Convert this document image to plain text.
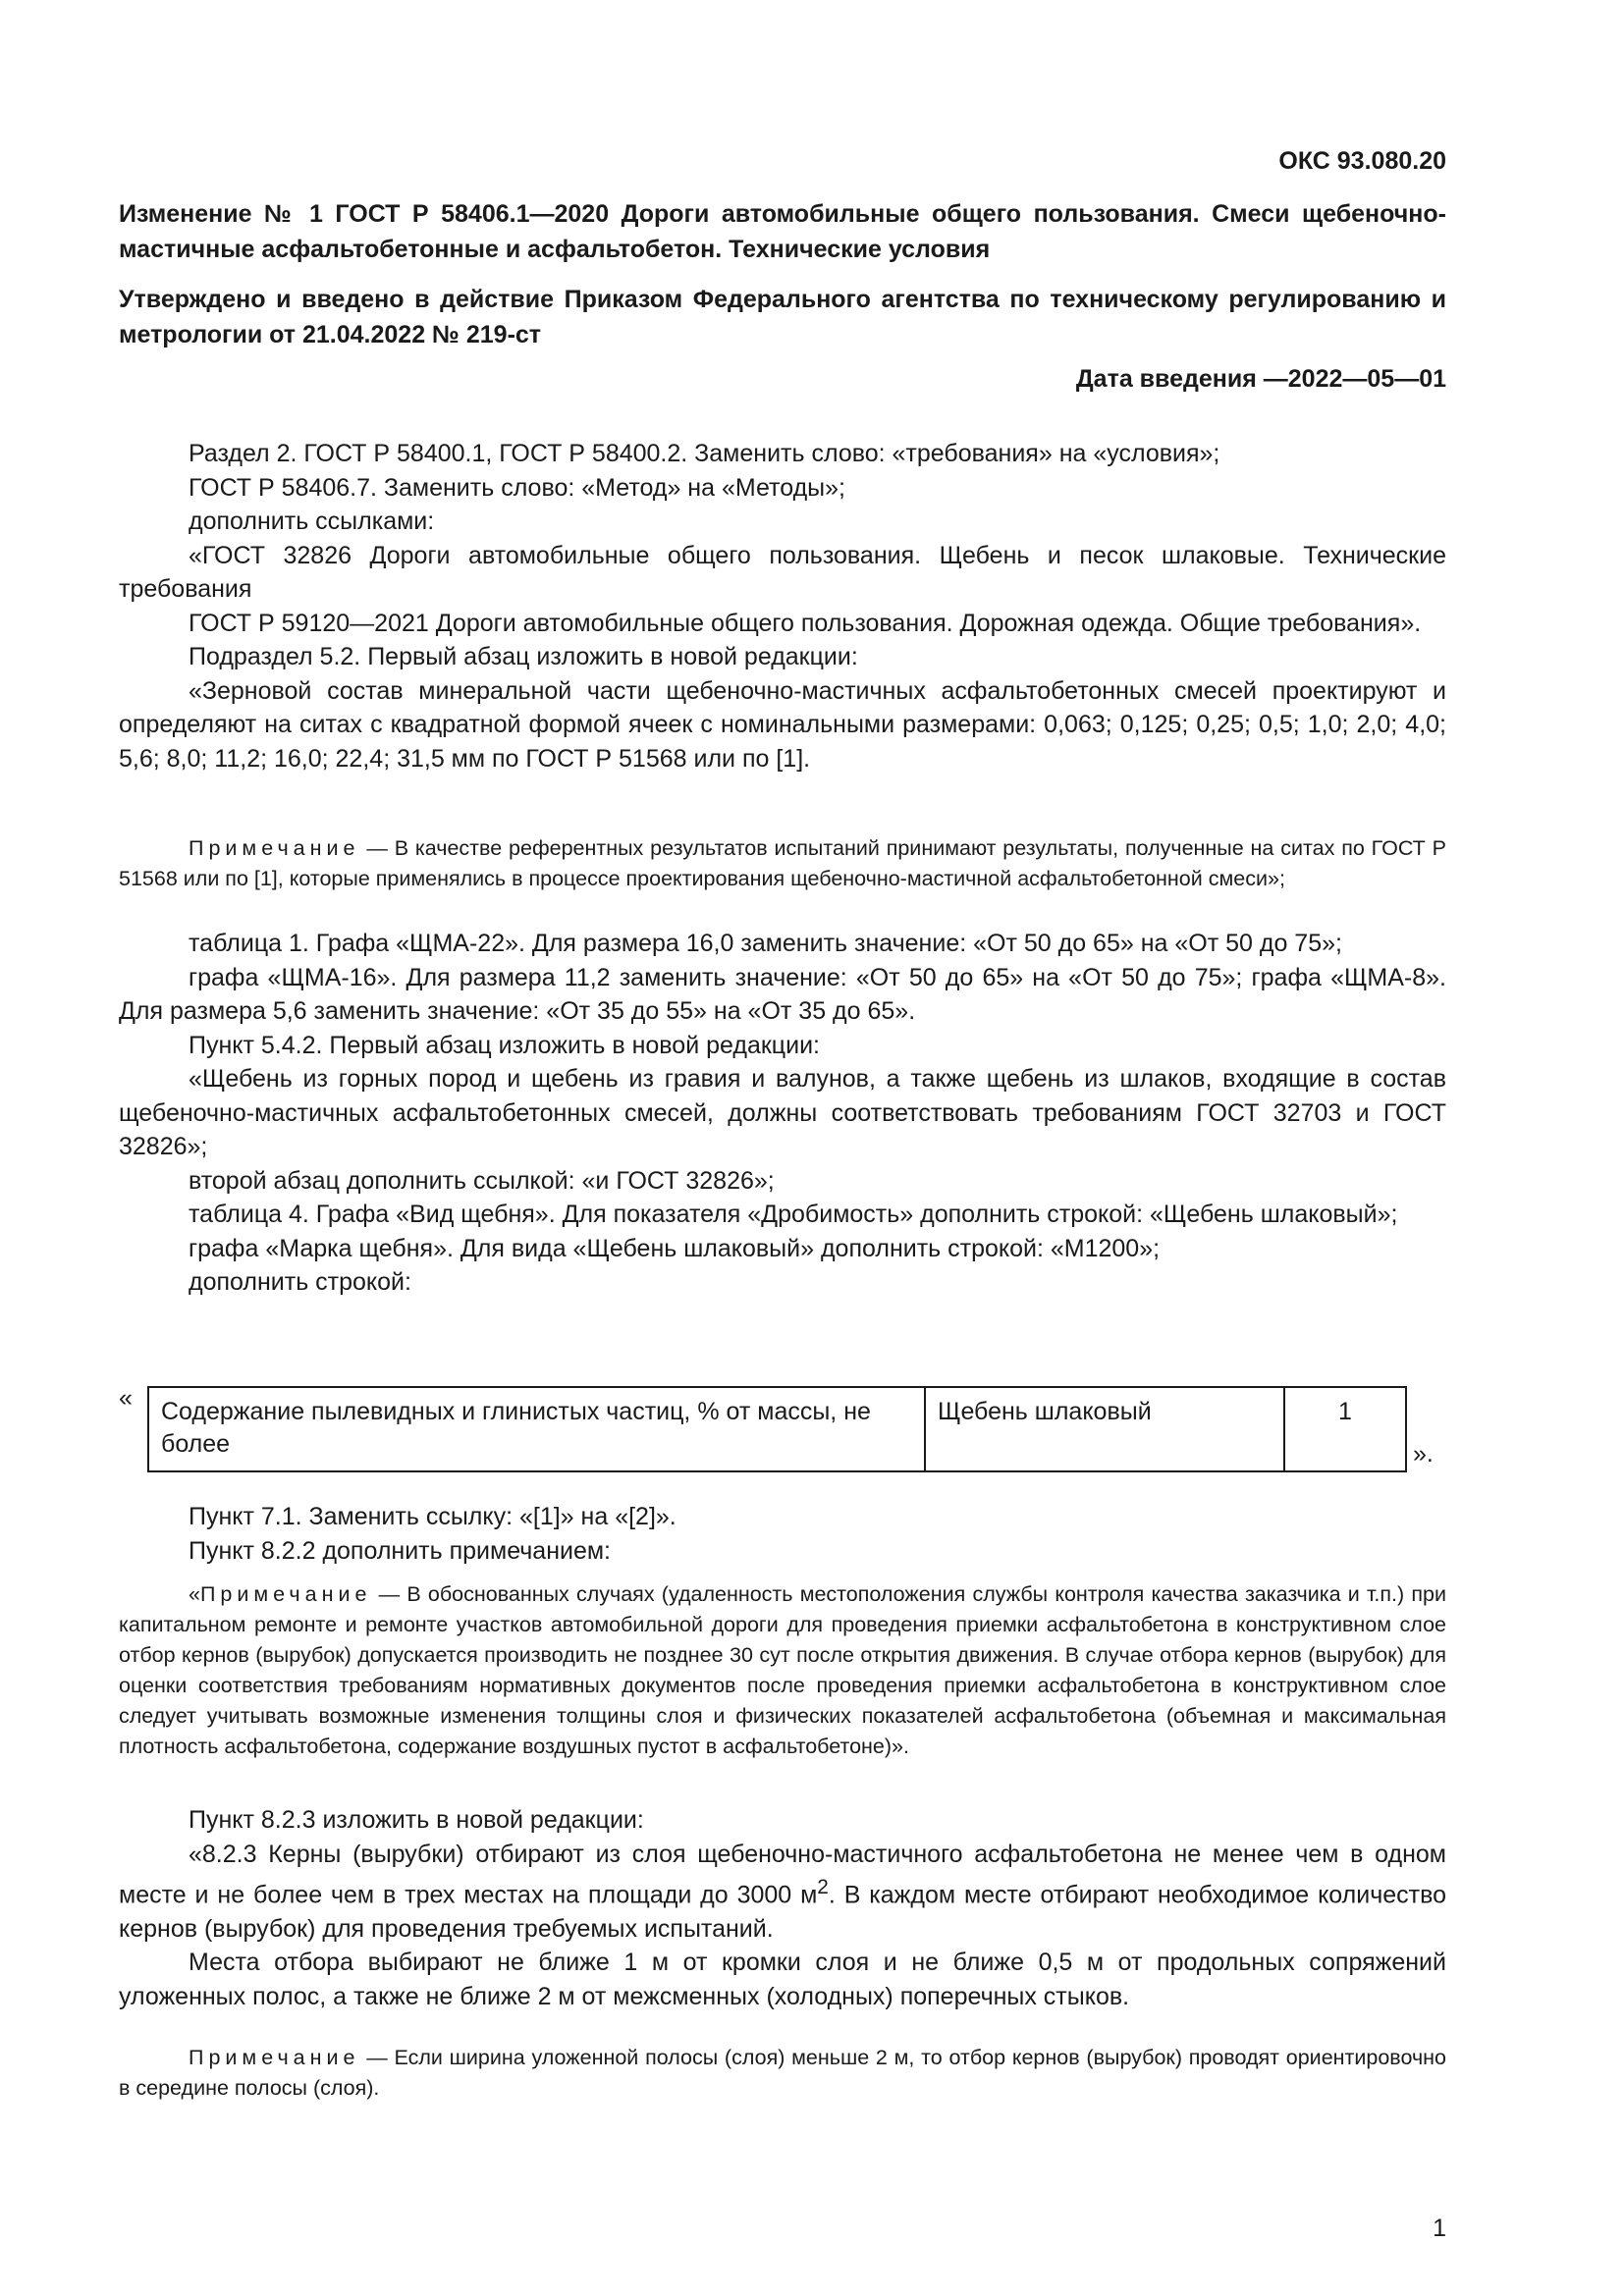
ОКС 93.080.20
Изменение № 1 ГОСТ Р 58406.1—2020 Дороги автомобильные общего пользования. Смеси щебеночно-мастичные асфальтобетонные и асфальтобетон. Технические условия
Утверждено и введено в действие Приказом Федерального агентства по техническому регулированию и метрологии от 21.04.2022 № 219-ст
Дата введения —2022—05—01

Раздел 2. ГОСТ Р 58400.1, ГОСТ Р 58400.2. Заменить слово: «требования» на «условия»;

ГОСТ Р 58406.7. Заменить слово: «Метод» на «Методы»;

дополнить ссылками:

«ГОСТ 32826 Дороги автомобильные общего пользования. Щебень и песок шлаковые. Технические требования

ГОСТ Р 59120—2021 Дороги автомобильные общего пользования. Дорожная одежда. Общие требования».

Подраздел 5.2. Первый абзац изложить в новой редакции:

«Зерновой состав минеральной части щебеночно-мастичных асфальтобетонных смесей проектируют и определяют на ситах с квадратной формой ячеек с номинальными размерами: 0,063; 0,125; 0,25; 0,5; 1,0; 2,0; 4,0; 5,6; 8,0; 11,2; 16,0; 22,4; 31,5 мм по ГОСТ Р 51568 или по [1].

Примечание — В качестве референтных результатов испытаний принимают результаты, полученные на ситах по ГОСТ Р 51568 или по [1], которые применялись в процессе проектирования щебеночно-мастичной асфальтобетонной смеси»;

таблица 1. Графа «ЩМА-22». Для размера 16,0 заменить значение: «От 50 до 65» на «От 50 до 75»;

графа «ЩМА-16». Для размера 11,2 заменить значение: «От 50 до 65» на «От 50 до 75»; графа «ЩМА-8». Для размера 5,6 заменить значение: «От 35 до 55» на «От 35 до 65».

Пункт 5.4.2. Первый абзац изложить в новой редакции:

«Щебень из горных пород и щебень из гравия и валунов, а также щебень из шлаков, входящие в состав щебеночно-мастичных асфальтобетонных смесей, должны соответствовать требованиям ГОСТ 32703 и ГОСТ 32826»;

второй абзац дополнить ссылкой: «и ГОСТ 32826»;

таблица 4. Графа «Вид щебня». Для показателя «Дробимость» дополнить строкой: «Щебень шлаковый»;

графа «Марка щебня». Для вида «Щебень шлаковый» дополнить строкой: «М1200»;

дополнить строкой:

« Содержание пылевидных и глинистых частиц, % от массы, не более	Щебень шлаковый	1
».

Пункт 7.1. Заменить ссылку: «[1]» на «[2]».

Пункт 8.2.2 дополнить примечанием:

«Примечание — В обоснованных случаях (удаленность местоположения службы контроля качества заказчика и т.п.) при капитальном ремонте и ремонте участков автомобильной дороги для проведения приемки асфальтобетона в конструктивном слое отбор кернов (вырубок) допускается производить не позднее 30 сут после открытия движения. В случае отбора кернов (вырубок) для оценки соответствия требованиям нормативных документов после проведения приемки асфальтобетона в конструктивном слое следует учитывать возможные изменения толщины слоя и физических показателей асфальтобетона (объемная и максимальная плотность асфальтобетона, содержание воздушных пустот в асфальтобетоне)».

Пункт 8.2.3 изложить в новой редакции:

«8.2.3 Керны (вырубки) отбирают из слоя щебеночно-мастичного асфальтобетона не менее чем в одном месте и не более чем в трех местах на площади до 3000 $м^2$. В каждом месте отбирают необходимое количество кернов (вырубок) для проведения требуемых испытаний.

Места отбора выбирают не ближе 1 м от кромки слоя и не ближе 0,5 м от продольных сопряжений уложенных полос, а также не ближе 2 м от межсменных (холодных) поперечных стыков.

Примечание — Если ширина уложенной полосы (слоя) меньше 2 м, то отбор кернов (вырубок) проводят ориентировочно в середине полосы (слоя).

1
